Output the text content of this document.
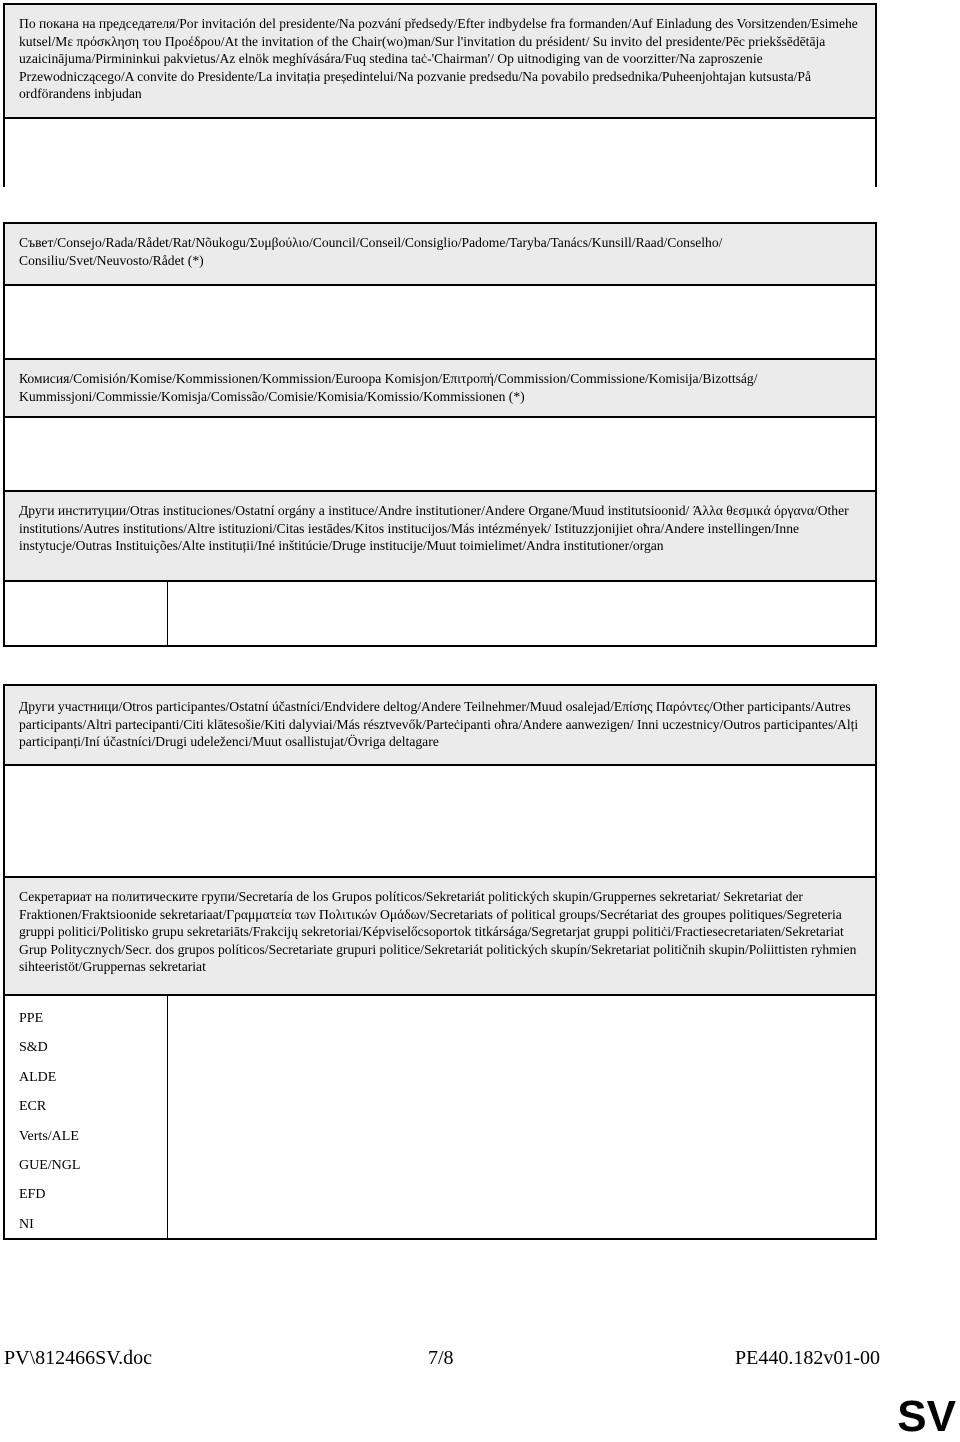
По покана на председателя/Por invitación del presidente/Na pozvání předsedy/Efter indbydelse fra formanden/Auf Einladung des Vorsitzenden/Esimehe kutsel/Με πρόσκληση του Προέδρου/At the invitation of the Chair(wo)man/Sur l'invitation du président/ Su invito del presidente/Pēc priekšsēdētāja uzaicinājuma/Pirmininkui pakvietus/Az elnök meghívására/Fuq stedina taċ-'Chairman'/ Op uitnodiging van de voorzitter/Na zaproszenie Przewodniczącego/A convite do Presidente/La invitația președintelui/Na pozvanie predsedu/Na povabilo predsednika/Puheenjohtajan kutsusta/På ordförandens inbjudan
Съвет/Consejo/Rada/Rådet/Rat/Nõukogu/Συμβούλιο/Council/Conseil/Consiglio/Padome/Taryba/Tanács/Kunsill/Raad/Conselho/ Consiliu/Svet/Neuvosto/Rådet (*)
Комисия/Comisión/Komise/Kommissionen/Kommission/Euroopa Komisjon/Επιτροπή/Commission/Commissione/Komisija/Bizottság/ Kummissjoni/Commissie/Komisja/Comissão/Comisie/Komisia/Komissio/Kommissionen (*)
Други институции/Otras instituciones/Ostatní orgány a instituce/Andre institutioner/Andere Organe/Muud institutsioonid/ Άλλα θεσμικά όργανα/Other institutions/Autres institutions/Altre istituzioni/Citas iestādes/Kitos institucijos/Más intézmények/ Istituzzjonijiet oħra/Andere instellingen/Inne instytucje/Outras Instituições/Alte instituții/Iné inštitúcie/Druge institucije/Muut toimielimet/Andra institutioner/organ
Други участници/Otros participantes/Ostatní účastníci/Endvidere deltog/Andere Teilnehmer/Muud osalejad/Επίσης Παρόντες/Other participants/Autres participants/Altri partecipanti/Citi klātesošie/Kiti dalyviai/Más résztvevők/Parteċipanti oħra/Andere aanwezigen/ Inni uczestnicy/Outros participantes/Alți participanți/Iní účastníci/Drugi udeleženci/Muut osallistujat/Övriga deltagare
Секретариат на политическите групи/Secretaría de los Grupos políticos/Sekretariát politických skupin/Gruppernes sekretariat/ Sekretariat der Fraktionen/Fraktsioonide sekretariaat/Γραμματεία των Πολιτικών Ομάδων/Secretariats of political groups/Secrétariat des groupes politiques/Segreteria gruppi politici/Politisko grupu sekretariāts/Frakcijų sekretoriai/Képviselőcsoportok titkársága/Segretarjat gruppi politiċi/Fractiesecretariaten/Sekretariat Grup Politycznych/Secr. dos grupos políticos/Secretariate grupuri politice/Sekretariát politických skupín/Sekretariat političnih skupin/Poliittisten ryhmien sihteeristöt/Gruppernas sekretariat
PPE
S&D
ALDE
ECR
Verts/ALE
GUE/NGL
EFD
NI
PV\812466SV.doc	7/8	PE440.182v01-00
SV
